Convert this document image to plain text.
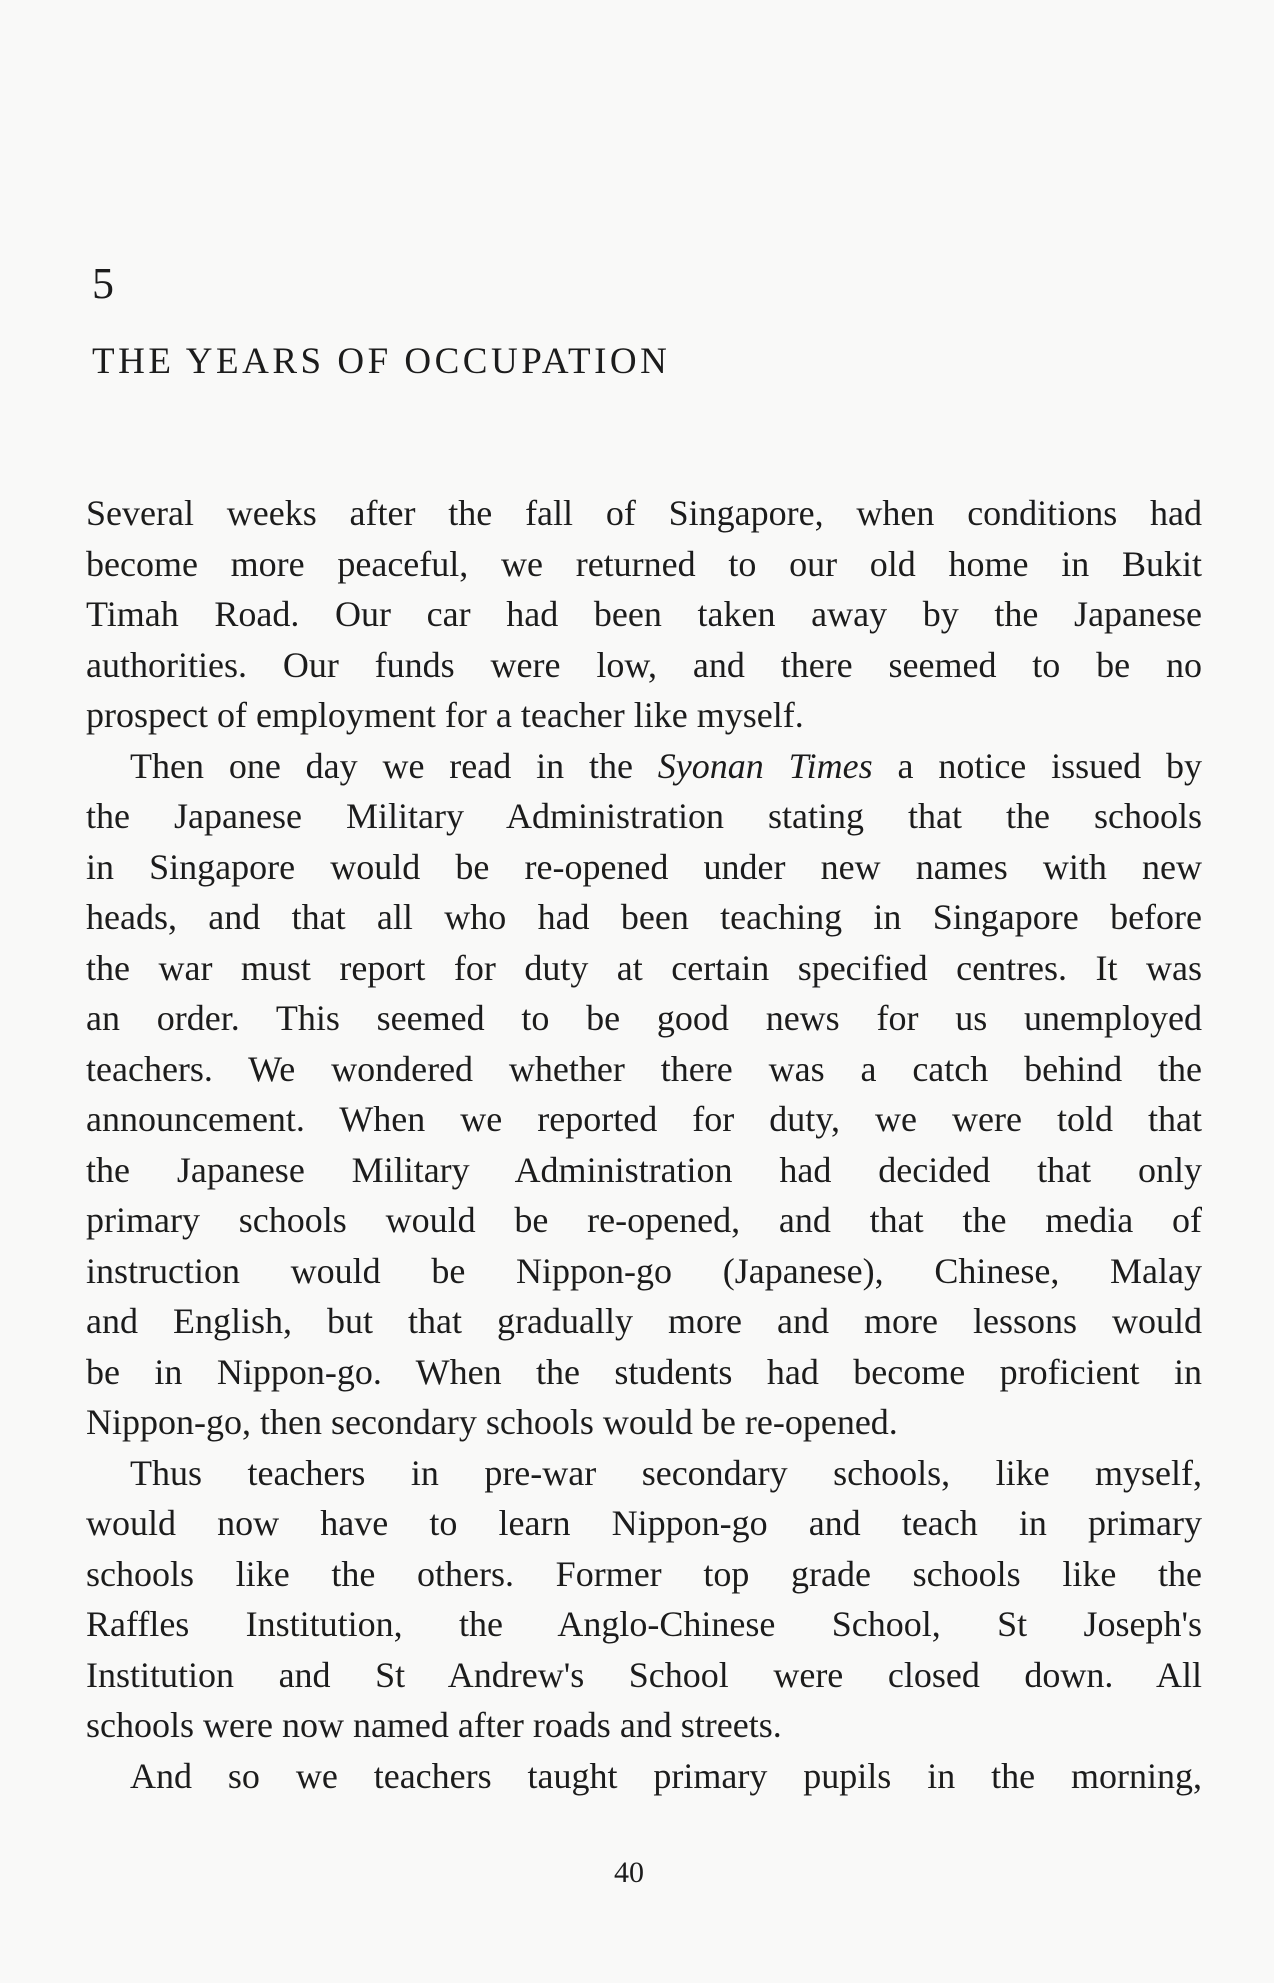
5
THE YEARS OF OCCUPATION
Several weeks after the fall of Singapore, when conditions had
become more peaceful, we returned to our old home in Bukit
Timah Road. Our car had been taken away by the Japanese
authorities. Our funds were low, and there seemed to be no
prospect of employment for a teacher like myself.
Then one day we read in the Syonan Times a notice issued by
the Japanese Military Administration stating that the schools
in Singapore would be re-opened under new names with new
heads, and that all who had been teaching in Singapore before
the war must report for duty at certain specified centres. It was
an order. This seemed to be good news for us unemployed
teachers. We wondered whether there was a catch behind the
announcement. When we reported for duty, we were told that
the Japanese Military Administration had decided that only
primary schools would be re-opened, and that the media of
instruction would be Nippon-go (Japanese), Chinese, Malay
and English, but that gradually more and more lessons would
be in Nippon-go. When the students had become proficient in
Nippon-go, then secondary schools would be re-opened.
Thus teachers in pre-war secondary schools, like myself,
would now have to learn Nippon-go and teach in primary
schools like the others. Former top grade schools like the
Raffles Institution, the Anglo-Chinese School, St Joseph's
Institution and St Andrew's School were closed down. All
schools were now named after roads and streets.
And so we teachers taught primary pupils in the morning,
40
